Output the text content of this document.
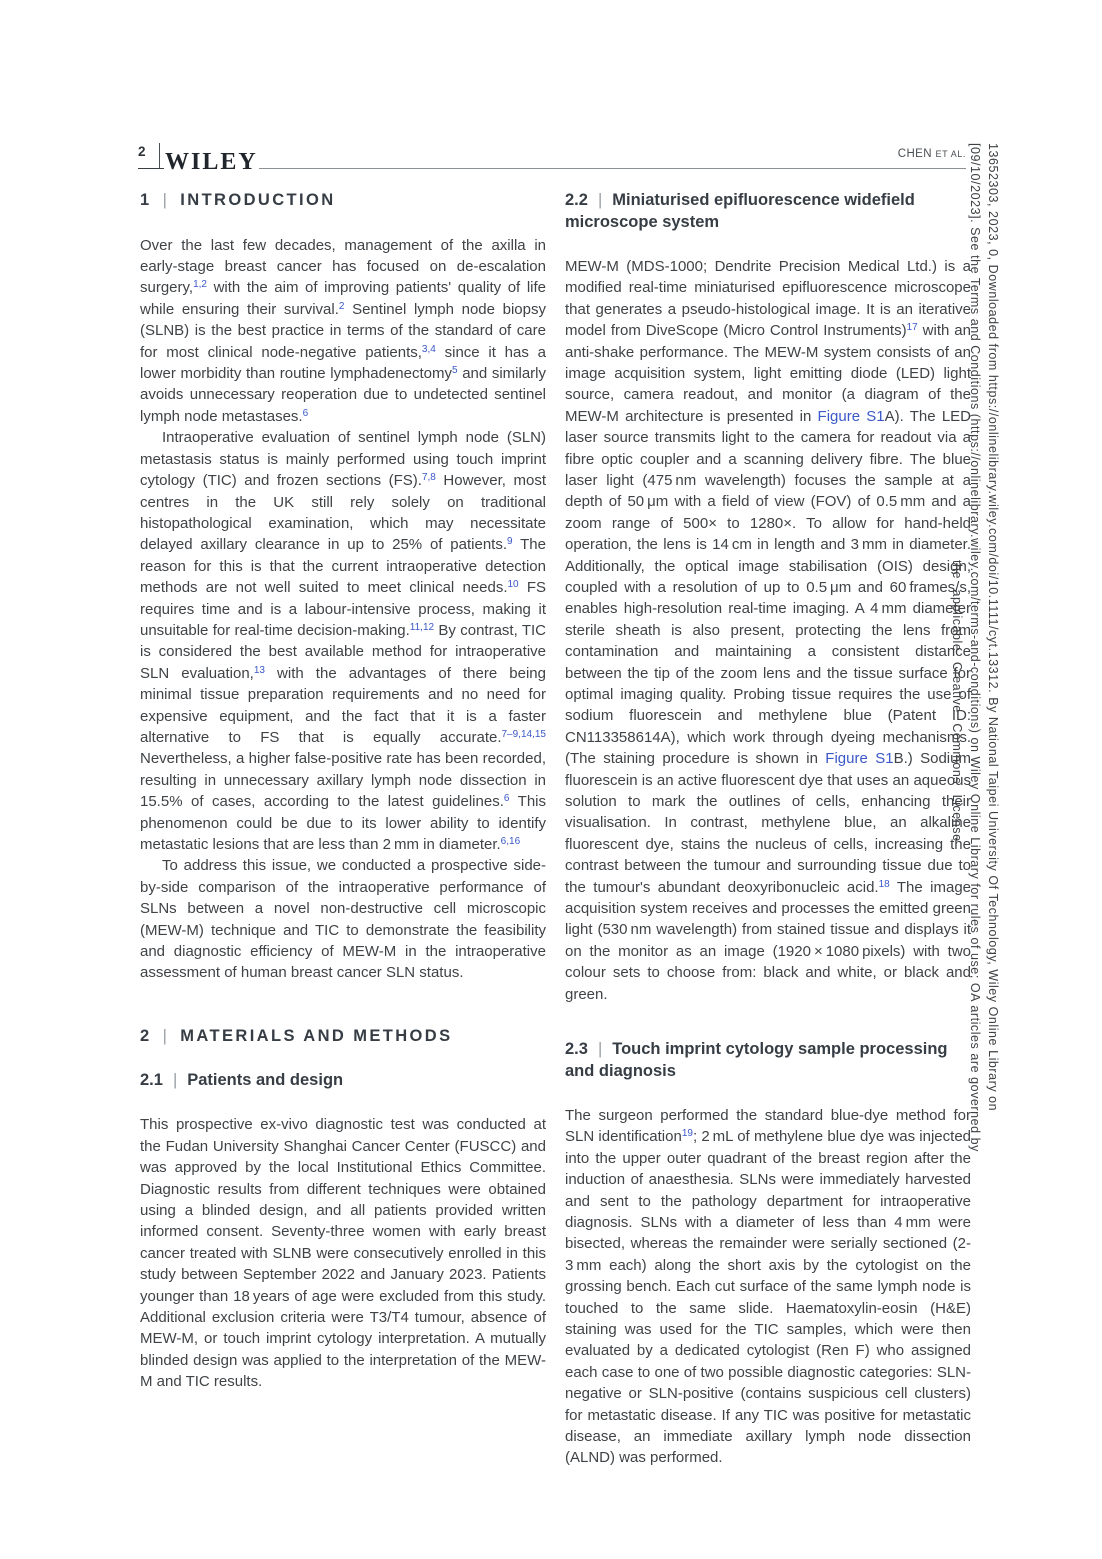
2 WILEY	CHEN ET AL.
1 | INTRODUCTION

Over the last few decades, management of the axilla in early-stage breast cancer has focused on de-escalation surgery,$^{1,2}$ with the aim of improving patients' quality of life while ensuring their survival.$^2$ Sentinel lymph node biopsy (SLNB) is the best practice in terms of the standard of care for most clinical node-negative patients,$^{3,4}$ since it has a lower morbidity than routine lymphadenectomy$^5$ and similarly avoids unnecessary reoperation due to undetected sentinel lymph node metastases.$^6$

Intraoperative evaluation of sentinel lymph node (SLN) metastasis status is mainly performed using touch imprint cytology (TIC) and frozen sections (FS).$^{7,8}$ However, most centres in the UK still rely solely on traditional histopathological examination, which may necessitate delayed axillary clearance in up to 25% of patients.$^9$ The reason for this is that the current intraoperative detection methods are not well suited to meet clinical needs.$^{10}$ FS requires time and is a labour-intensive process, making it unsuitable for real-time decision-making.$^{11,12}$ By contrast, TIC is considered the best available method for intraoperative SLN evaluation,$^{13}$ with the advantages of there being minimal tissue preparation requirements and no need for expensive equipment, and the fact that it is a faster alternative to FS that is equally accurate.$^{7-9,14,15}$ Nevertheless, a higher false-positive rate has been recorded, resulting in unnecessary axillary lymph node dissection in 15.5% of cases, according to the latest guidelines.$^6$ This phenomenon could be due to its lower ability to identify metastatic lesions that are less than 2 mm in diameter.$^{6,16}$

To address this issue, we conducted a prospective side-by-side comparison of the intraoperative performance of SLNs between a novel non-destructive cell microscopic (MEW-M) technique and TIC to demonstrate the feasibility and diagnostic efficiency of MEW-M in the intraoperative assessment of human breast cancer SLN status.

2 | MATERIALS AND METHODS
2.1 | Patients and design

This prospective ex-vivo diagnostic test was conducted at the Fudan University Shanghai Cancer Center (FUSCC) and was approved by the local Institutional Ethics Committee. Diagnostic results from different techniques were obtained using a blinded design, and all patients provided written informed consent. Seventy-three women with early breast cancer treated with SLNB were consecutively enrolled in this study between September 2022 and January 2023. Patients younger than 18 years of age were excluded from this study. Additional exclusion criteria were T3/T4 tumour, absence of MEW-M, or touch imprint cytology interpretation. A mutually blinded design was applied to the interpretation of the MEW-M and TIC results.

2.2 | Miniaturised epifluorescence widefield microscope system

MEW-M (MDS-1000; Dendrite Precision Medical Ltd.) is a modified real-time miniaturised epifluorescence microscope that generates a pseudo-histological image. It is an iterative model from DiveScope (Micro Control Instruments)$^{17}$ with an anti-shake performance. The MEW-M system consists of an image acquisition system, light emitting diode (LED) light source, camera readout, and monitor (a diagram of the MEW-M architecture is presented in Figure S1A). The LED laser source transmits light to the camera for readout via a fibre optic coupler and a scanning delivery fibre. The blue laser light (475 nm wavelength) focuses the sample at a depth of 50 μm with a field of view (FOV) of 0.5 mm and a zoom range of 500× to 1280×. To allow for hand-held operation, the lens is 14 cm in length and 3 mm in diameter. Additionally, the optical image stabilisation (OIS) design, coupled with a resolution of up to 0.5 μm and 60 frames/s, enables high-resolution real-time imaging. A 4 mm diameter sterile sheath is also present, protecting the lens from contamination and maintaining a consistent distance between the tip of the zoom lens and the tissue surface for optimal imaging quality. Probing tissue requires the use of sodium fluorescein and methylene blue (Patent ID: CN113358614A), which work through dyeing mechanisms. (The staining procedure is shown in Figure S1B.) Sodium fluorescein is an active fluorescent dye that uses an aqueous solution to mark the outlines of cells, enhancing their visualisation. In contrast, methylene blue, an alkaline fluorescent dye, stains the nucleus of cells, increasing the contrast between the tumour and surrounding tissue due to the tumour's abundant deoxyribonucleic acid.$^{18}$ The image acquisition system receives and processes the emitted green light (530 nm wavelength) from stained tissue and displays it on the monitor as an image (1920 × 1080 pixels) with two colour sets to choose from: black and white, or black and green.

2.3 | Touch imprint cytology sample processing and diagnosis

The surgeon performed the standard blue-dye method for SLN identification$^{19}$; 2 mL of methylene blue dye was injected into the upper outer quadrant of the breast region after the induction of anaesthesia. SLNs were immediately harvested and sent to the pathology department for intraoperative diagnosis. SLNs with a diameter of less than 4 mm were bisected, whereas the remainder were serially sectioned (2-3 mm each) along the short axis by the cytologist on the grossing bench. Each cut surface of the same lymph node is touched to the same slide. Haematoxylin-eosin (H&E) staining was used for the TIC samples, which were then evaluated by a dedicated cytologist (Ren F) who assigned each case to one of two possible diagnostic categories: SLN-negative or SLN-positive (contains suspicious cell clusters) for metastatic disease. If any TIC was positive for metastatic disease, an immediate axillary lymph node dissection (ALND) was performed.

13652303, 2023, 0, Downloaded from https://onlinelibrary.wiley.com/doi/10.1111/cyt.13312. By National Taipei University Of Technology, Wiley Online Library on
[09/10/2023]. See the Terms and Conditions (https://onlinelibrary.wiley.com/terms-and-conditions) on Wiley Online Library for rules of use; OA articles are governed by
the applicable Creative Commons License
